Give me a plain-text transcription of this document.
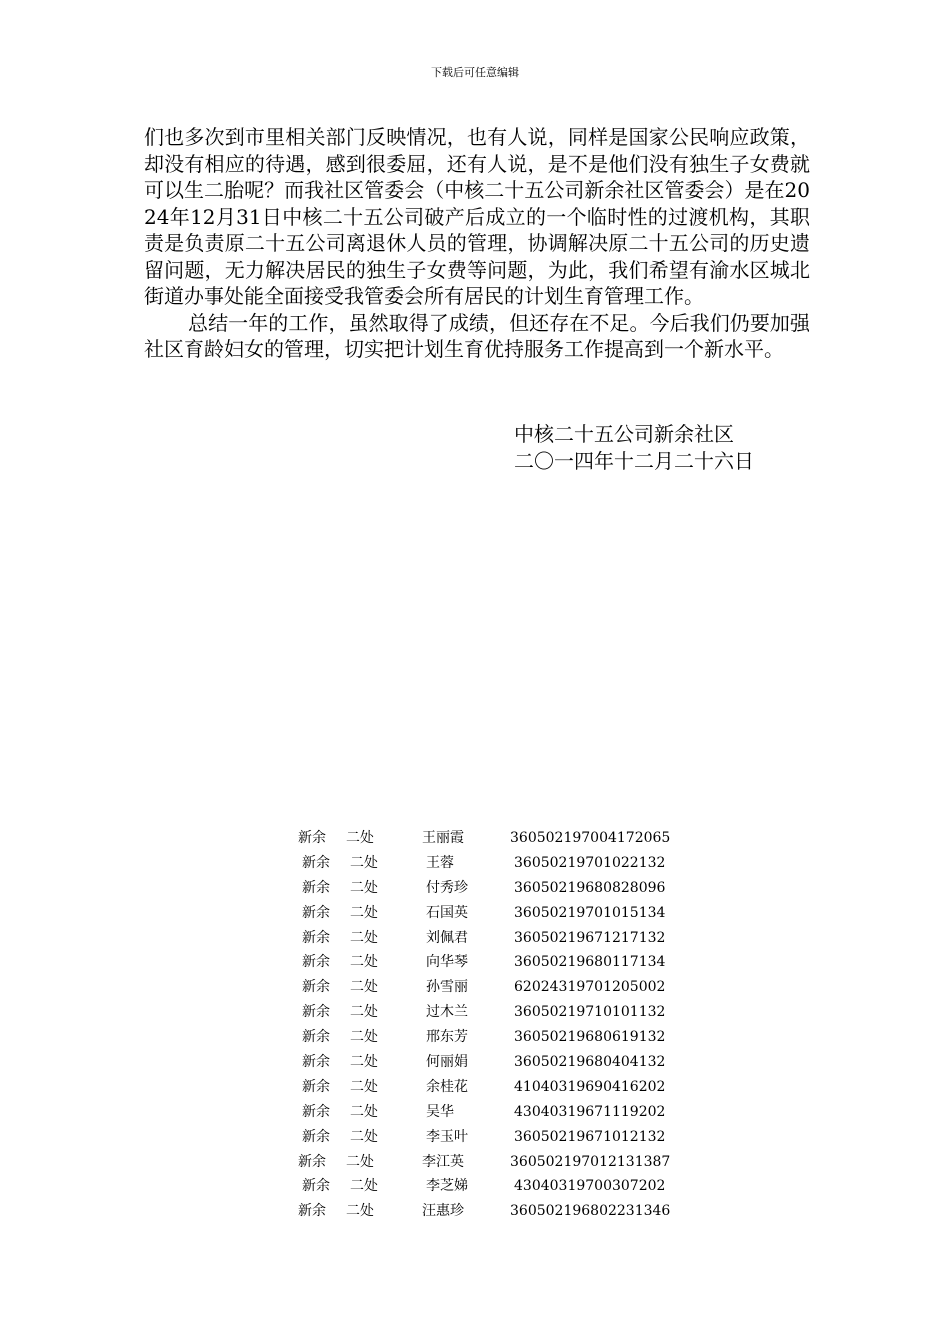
下载后可任意编辑

们也多次到市里相关部门反映情况，也有人说，同样是国家公民响应政策，却没有相应的待遇，感到很委屈，还有人说，是不是他们没有独生子女费就可以生二胎呢？而我社区管委会（中核二十五公司新余社区管委会）是在2024年12月31日中核二十五公司破产后成立的一个临时性的过渡机构，其职责是负责原二十五公司离退休人员的管理，协调解决原二十五公司的历史遗留问题，无力解决居民的独生子女费等问题，为此，我们希望有渝水区城北街道办事处能全面接受我管委会所有居民的计划生育管理工作。

总结一年的工作，虽然取得了成绩，但还存在不足。今后我们仍要加强社区育龄妇女的管理，切实把计划生育优持服务工作提高到一个新水平。

中核二十五公司新余社区
二〇一四年十二月二十六日
新余	二处	王丽霞	360502197004172065
新余	二处	王蓉	36050219701022132
新余	二处	付秀珍	36050219680828096
新余	二处	石国英	36050219701015134
新余	二处	刘佩君	36050219671217132
新余	二处	向华琴	36050219680117134
新余	二处	孙雪丽	62024319701205002
新余	二处	过木兰	36050219710101132
新余	二处	邢东芳	36050219680619132
新余	二处	何丽娟	36050219680404132
新余	二处	余桂花	41040319690416202
新余	二处	吴华	43040319671119202
新余	二处	李玉叶	36050219671012132
新余	二处	李江英	360502197012131387
新余	二处	李芝娣	43040319700307202
新余	二处	汪惠珍	360502196802231346
